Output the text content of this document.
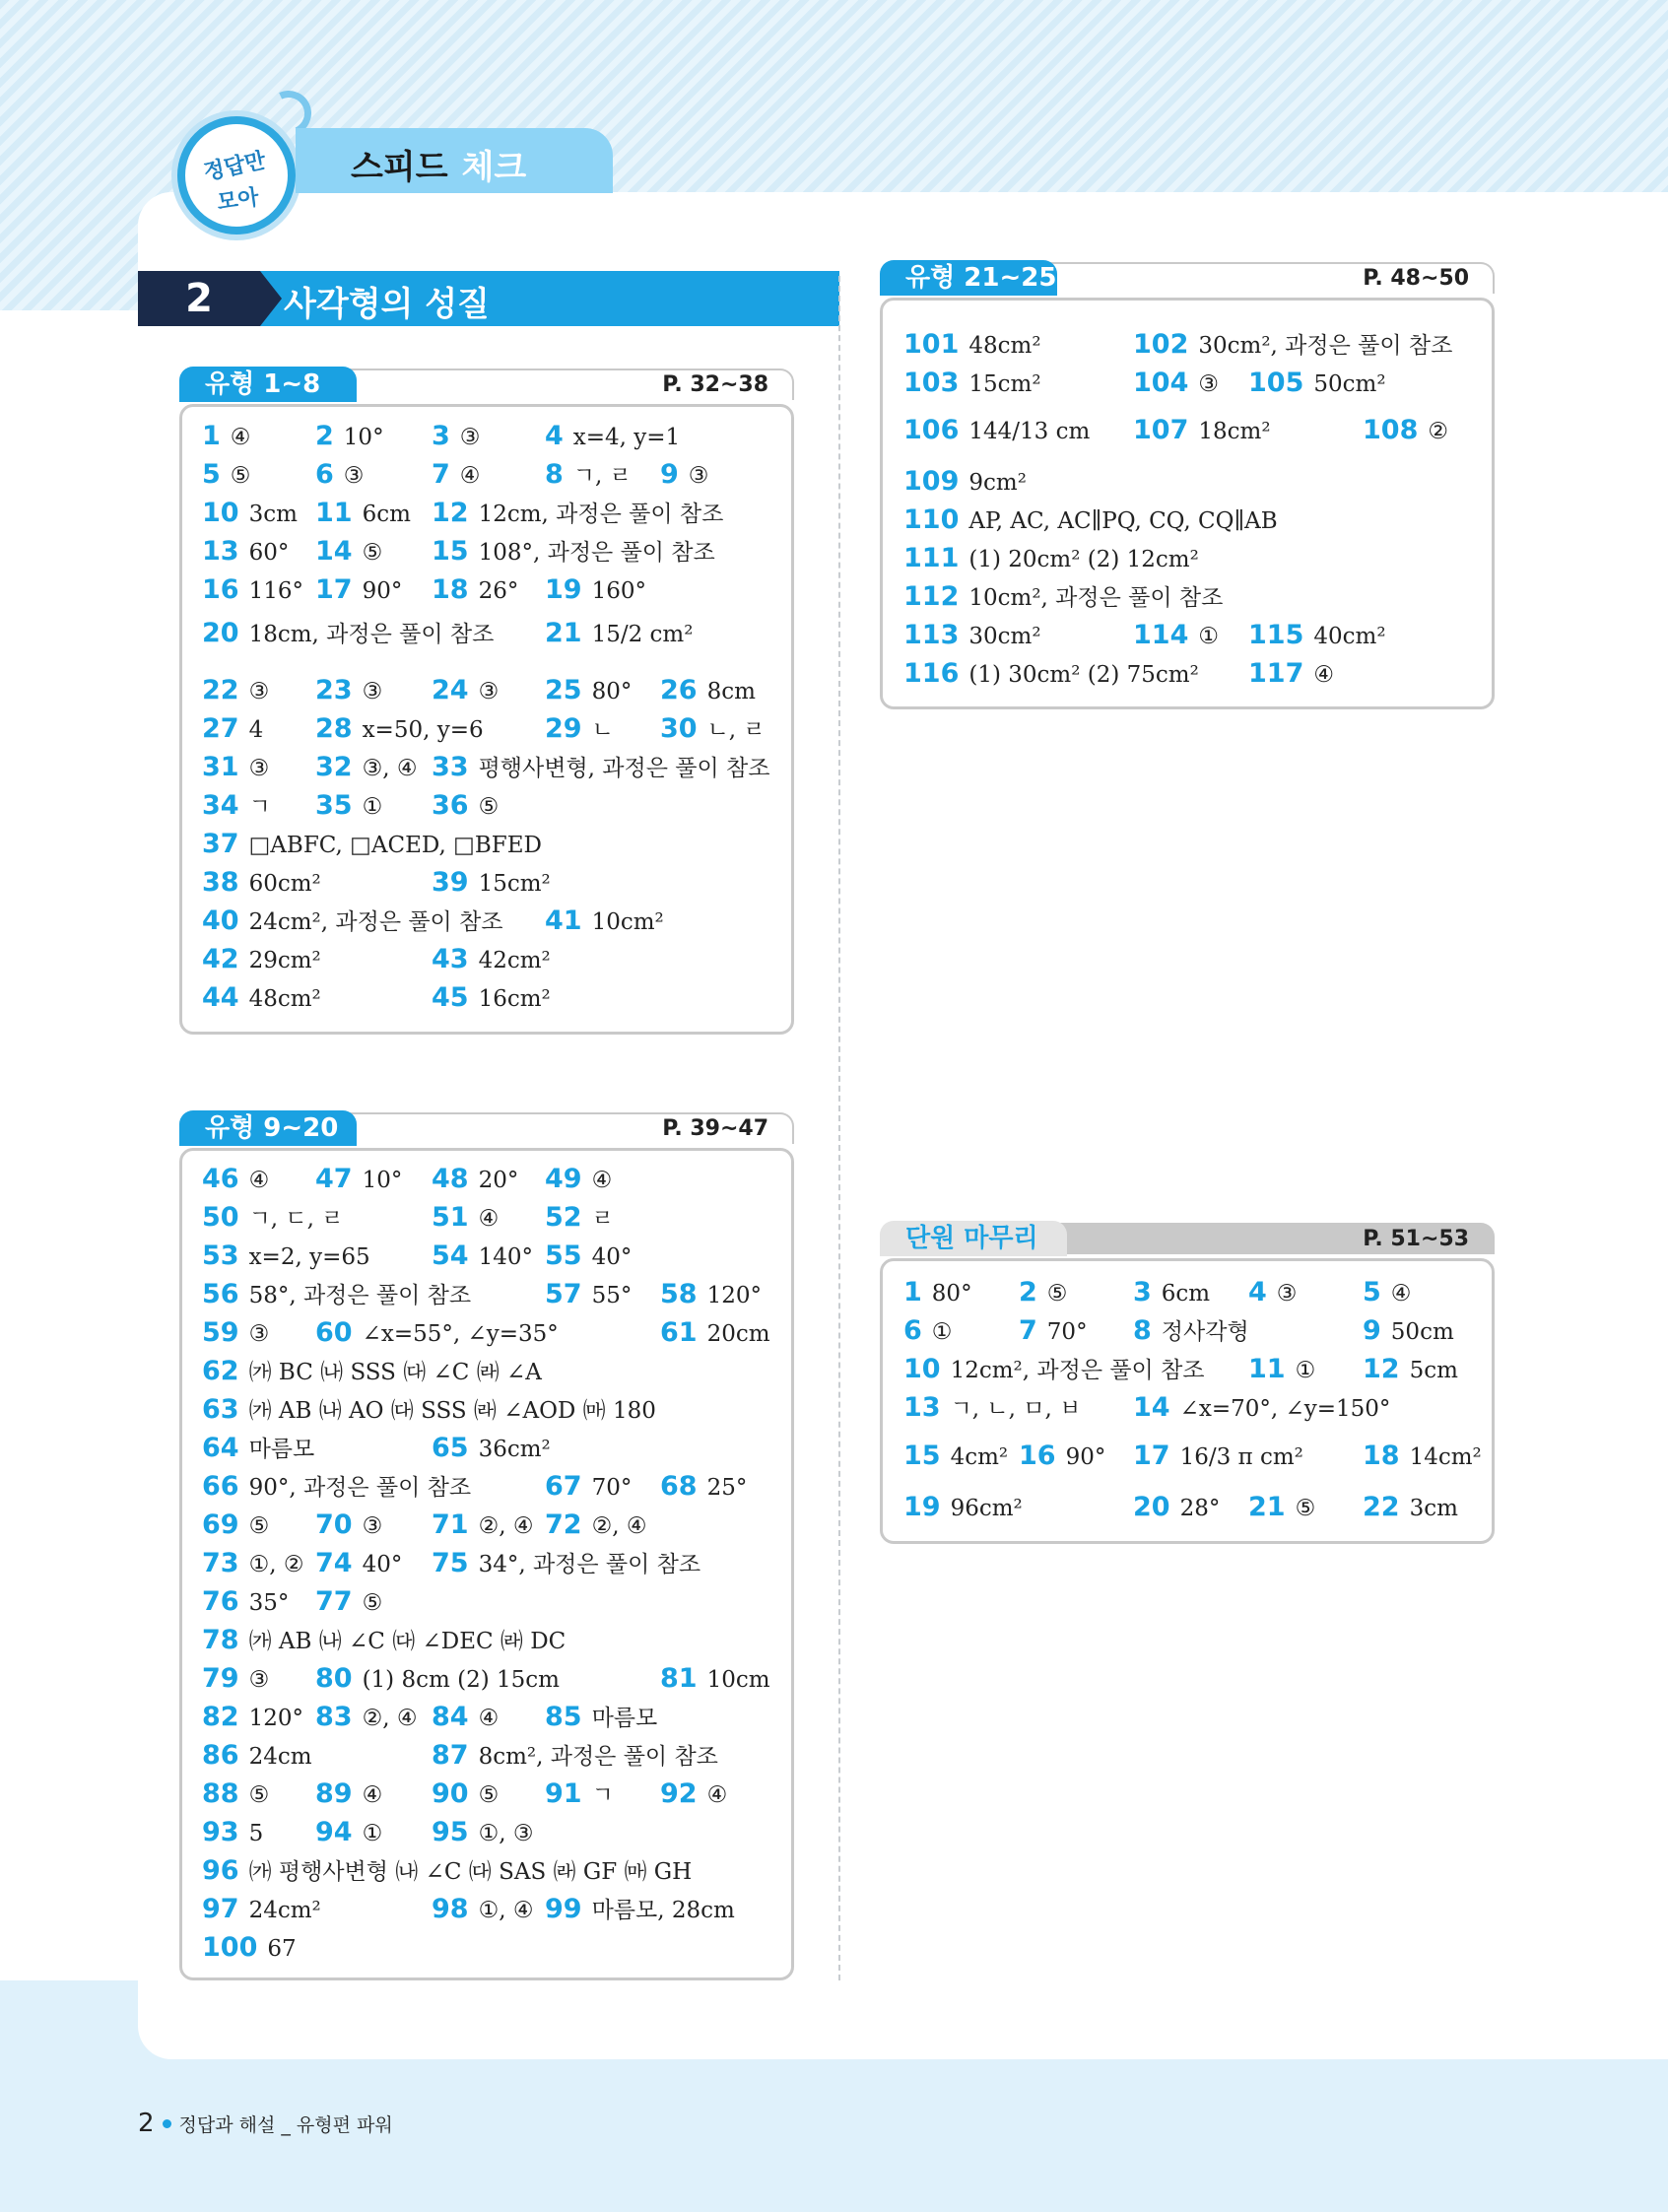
정답만
모아
스피드 체크
2	사각형의 성질
P. 32~38
유형 1~8
1 ④ 2 10° 3 ③ 4 x=4, y=1
5 ⑤ 6 ③	7 ④ 8 ㄱ, ㄹ 9 ③
10 3cm 11 6cm 12 12cm, 과정은 풀이 참조
13 60° 14 ⑤ 15 108°, 과정은 풀이 참조
16 116° 17 90° 18 26° 19 160°
20 18cm, 과정은 풀이 참조 21 15/2 cm²
22 ③ 23 ③ 24 ③ 25 80° 26 8cm
27 4 28 x=50, y=6 29 ㄴ 30 ㄴ, ㄹ
31 ③ 32 ③, ④ 33 평행사변형, 과정은 풀이 참조
34 ㄱ 35 ① 36 ⑤
37 □ABFC, □ACED, □BFED
38 60cm²	39 15cm²
40 24cm², 과정은 풀이 참조 41 10cm²
42 29cm²	43 42cm²
44 48cm²	45 16cm²
P. 39~47
유형 9~20
46 ④ 47 10° 48 20° 49 ④
50 ㄱ, ㄷ, ㄹ	51 ④ 52 ㄹ
53 x=2, y=65 54 140° 55 40°
56 58°, 과정은 풀이 참조	57 55° 58 120°
59 ③ 60 ∠x=55°, ∠y=35°	61 20cm
62 ㈎ BC ㈏ SSS ㈐ ∠C ㈑ ∠A
63 ㈎ AB ㈏ AO ㈐ SSS ㈑ ∠AOD ㈒ 180
64 마름모	65 36cm²
66 90°, 과정은 풀이 참조	67 70° 68 25°
69 ⑤ 70 ③ 71 ②, ④ 72 ②, ④
73 ①, ② 74 40° 75 34°, 과정은 풀이 참조
76 35° 77 ⑤
78 ㈎ AB ㈏ ∠C ㈐ ∠DEC ㈑ DC
79 ③ 80 (1) 8cm (2) 15cm	81 10cm
82 120° 83 ②, ④ 84 ④ 85 마름모
86 24cm	87 8cm², 과정은 풀이 참조
88 ⑤ 89 ④ 90 ⑤ 91 ㄱ 92 ④
93 5 94 ① 95 ①, ③
96 ㈎ 평행사변형 ㈏ ∠C ㈐ SAS ㈑ GF ㈒ GH
97 24cm²	98 ①, ④ 99 마름모, 28cm
100 67
P. 48~50
유형 21~25
101 48cm²	102 30cm², 과정은 풀이 참조
103 15cm²	104 ③ 105 50cm²
106 144/13 cm 107 18cm²	108 ②
109 9cm²
110 AP, AC, AC∥PQ, CQ, CQ∥AB
111 (1) 20cm² (2) 12cm²
112 10cm², 과정은 풀이 참조
113 30cm²	114 ① 115 40cm²
116 (1) 30cm² (2) 75cm² 117 ④
P. 51~53
단원 마무리
1 80° 2 ⑤ 3 6cm 4 ③ 5 ④
6 ①	7 70° 8 정사각형	9 50cm
10 12cm², 과정은 풀이 참조 11 ① 12 5cm
13 ㄱ, ㄴ, ㅁ, ㅂ 14 ∠x=70°, ∠y=150°
15 4cm² 16 90° 17 16/3 π cm² 18 14cm²
19 96cm²	20 28° 21 ⑤ 22 3cm
2 정답과 해설 _ 유형편 파워
